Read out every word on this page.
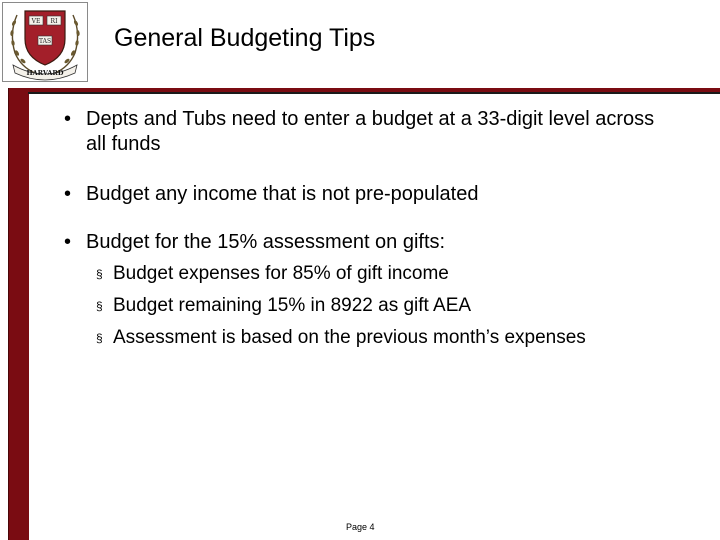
VE RI
TAS
HARVARD
General Budgeting Tips
• Depts and Tubs need to enter a budget at a 33-digit level across all funds
• Budget any income that is not pre-populated
• Budget for the 15% assessment on gifts:
§ Budget expenses for 85% of gift income
§ Budget remaining 15% in 8922 as gift AEA
§ Assessment is based on the previous month’s expenses
4
Page 4
